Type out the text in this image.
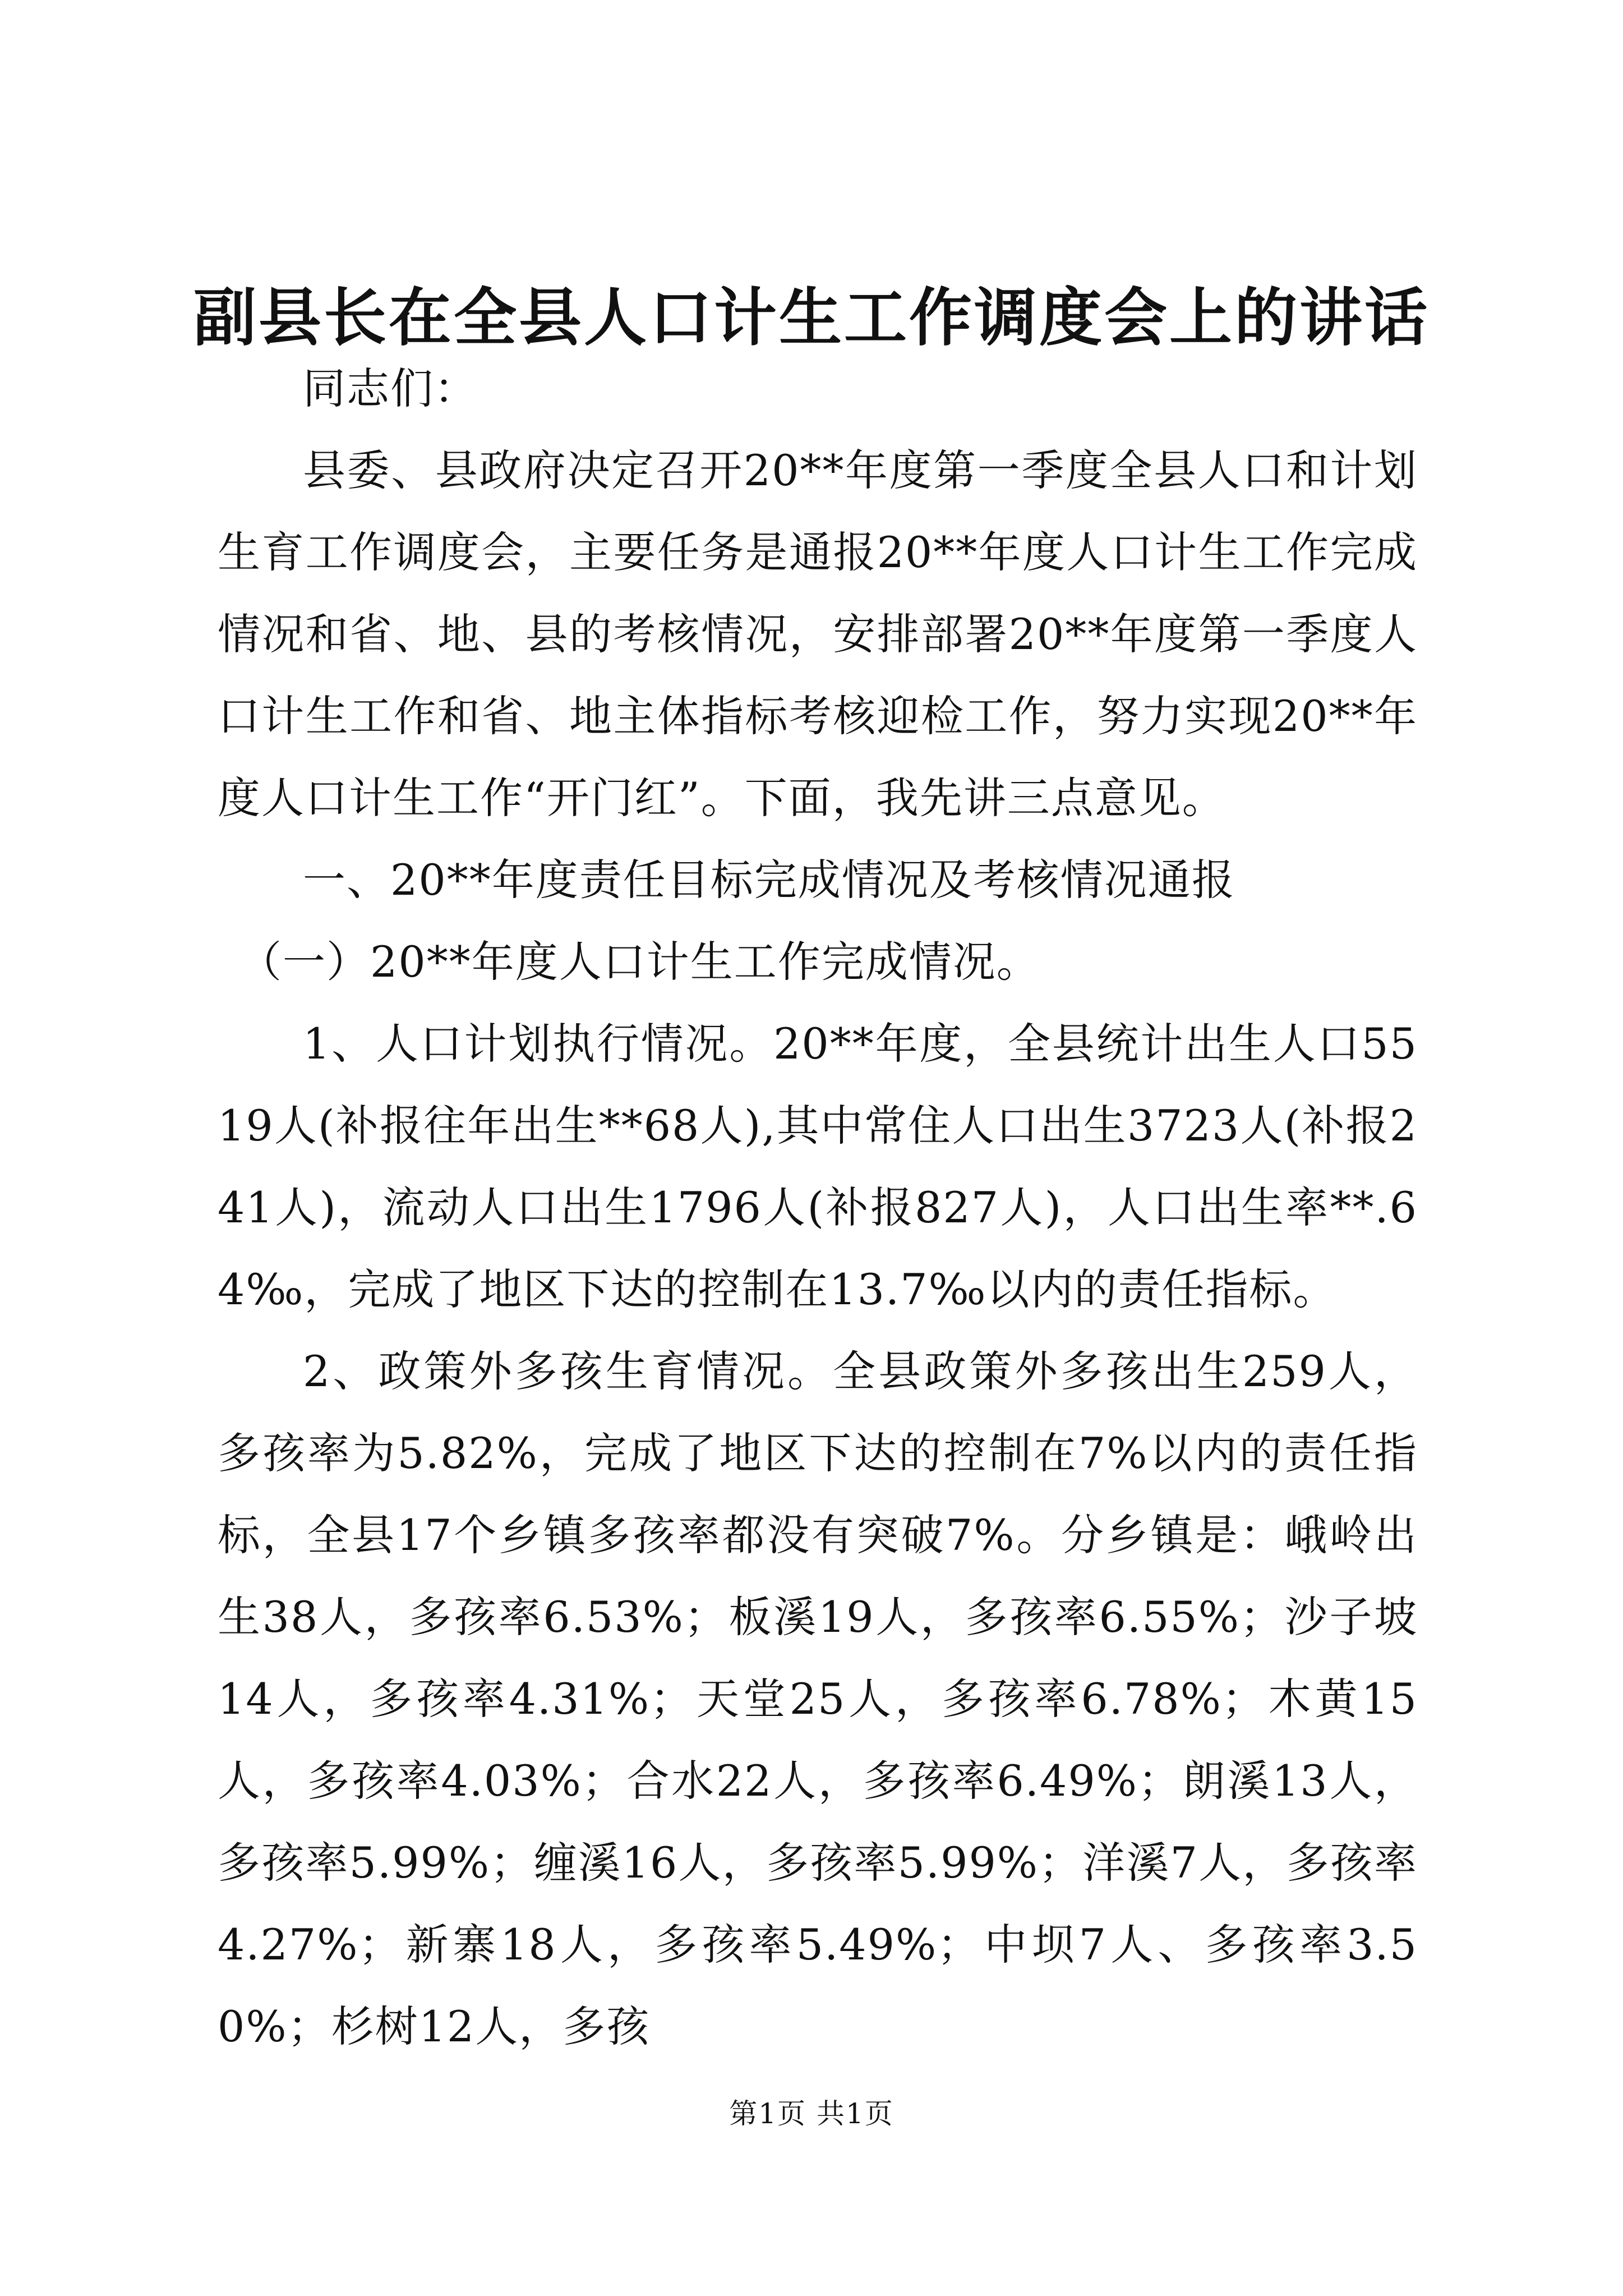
副县长在全县人口计生工作调度会上的讲话

同志们：

县委、县政府决定召开20**年度第一季度全县人口和计划生育工作调度会，主要任务是通报20**年度人口计生工作完成情况和省、地、县的考核情况，安排部署20**年度第一季度人口计生工作和省、地主体指标考核迎检工作，努力实现20**年度人口计生工作“开门红”。下面，我先讲三点意见。

一、20**年度责任目标完成情况及考核情况通报

（一）20**年度人口计生工作完成情况。

1、人口计划执行情况。20**年度，全县统计出生人口5519人(补报往年出生**68人),其中常住人口出生3723人(补报241人)，流动人口出生1796人(补报827人)，人口出生率**.64‰，完成了地区下达的控制在13.7‰以内的责任指标。

2、政策外多孩生育情况。全县政策外多孩出生259人，多孩率为5.82%，完成了地区下达的控制在7%以内的责任指标，全县17个乡镇多孩率都没有突破7%。分乡镇是：峨岭出生38人，多孩率6.53%；板溪19人，多孩率6.55%；沙子坡14人，多孩率4.31%；天堂25人，多孩率6.78%；木黄15人，多孩率4.03%；合水22人，多孩率6.49%；朗溪13人，多孩率5.99%；缠溪16人，多孩率5.99%；洋溪7人，多孩率4.27%；新寨18人，多孩率5.49%；中坝7人、多孩率3.50%；杉树12人，多孩

第1页 共1页
